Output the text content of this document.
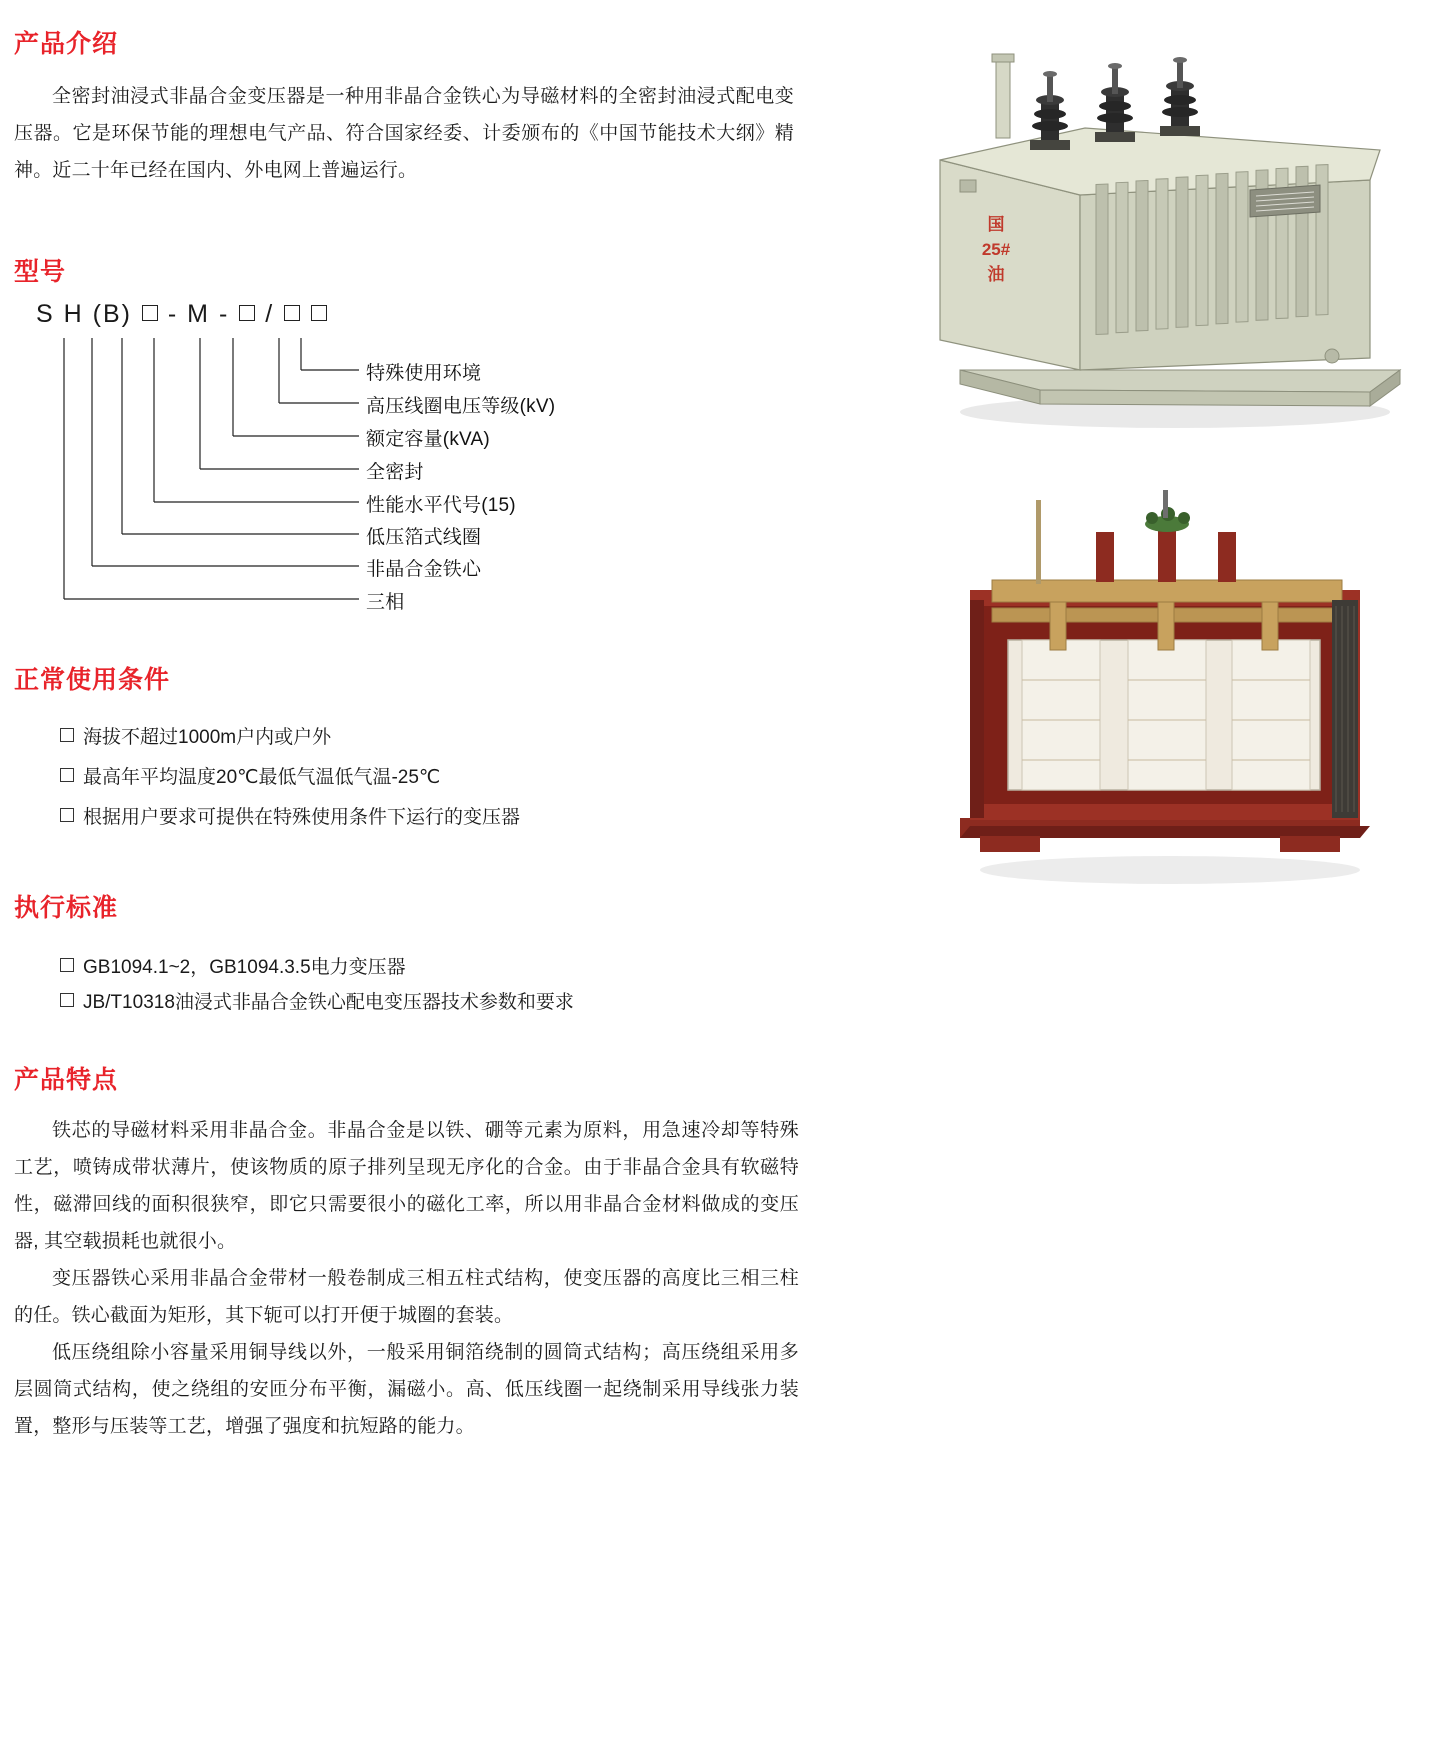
产品介绍

全密封油浸式非晶合金变压器是一种用非晶合金铁心为导磁材料的全密封油浸式配电变压器。它是环保节能的理想电气产品、符合国家经委、计委颁布的《中国节能技术大纲》精神。近二十年已经在国内、外电网上普遍运行。

型号
S H (B) - M - /
特殊使用环境
高压线圈电压等级(kV)
额定容量(kVA)
全密封
性能水平代号(15)
低压箔式线圈
非晶合金铁心
三相
正常使用条件
海拔不超过1000m户内或户外
最高年平均温度20℃最低气温低气温-25℃
根据用户要求可提供在特殊使用条件下运行的变压器
执行标准
GB1094.1~2，GB1094.3.5电力变压器
JB/T10318油浸式非晶合金铁心配电变压器技术参数和要求
产品特点

铁芯的导磁材料采用非晶合金。非晶合金是以铁、硼等元素为原料，用急速冷却等特殊工艺，喷铸成带状薄片，使该物质的原子排列呈现无序化的合金。由于非晶合金具有软磁特性，磁滞回线的面积很狭窄，即它只需要很小的磁化工率，所以用非晶合金材料做成的变压器, 其空载损耗也就很小。

变压器铁心采用非晶合金带材一般卷制成三相五柱式结构，使变压器的高度比三相三柱的任。铁心截面为矩形，其下轭可以打开便于城圈的套装。

低压绕组除小容量采用铜导线以外，一般采用铜箔绕制的圆筒式结构；高压绕组采用多层圆筒式结构，使之绕组的安匝分布平衡，漏磁小。高、低压线圈一起绕制采用导线张力装置，整形与压装等工艺，增强了强度和抗短路的能力。

国
25#
油
